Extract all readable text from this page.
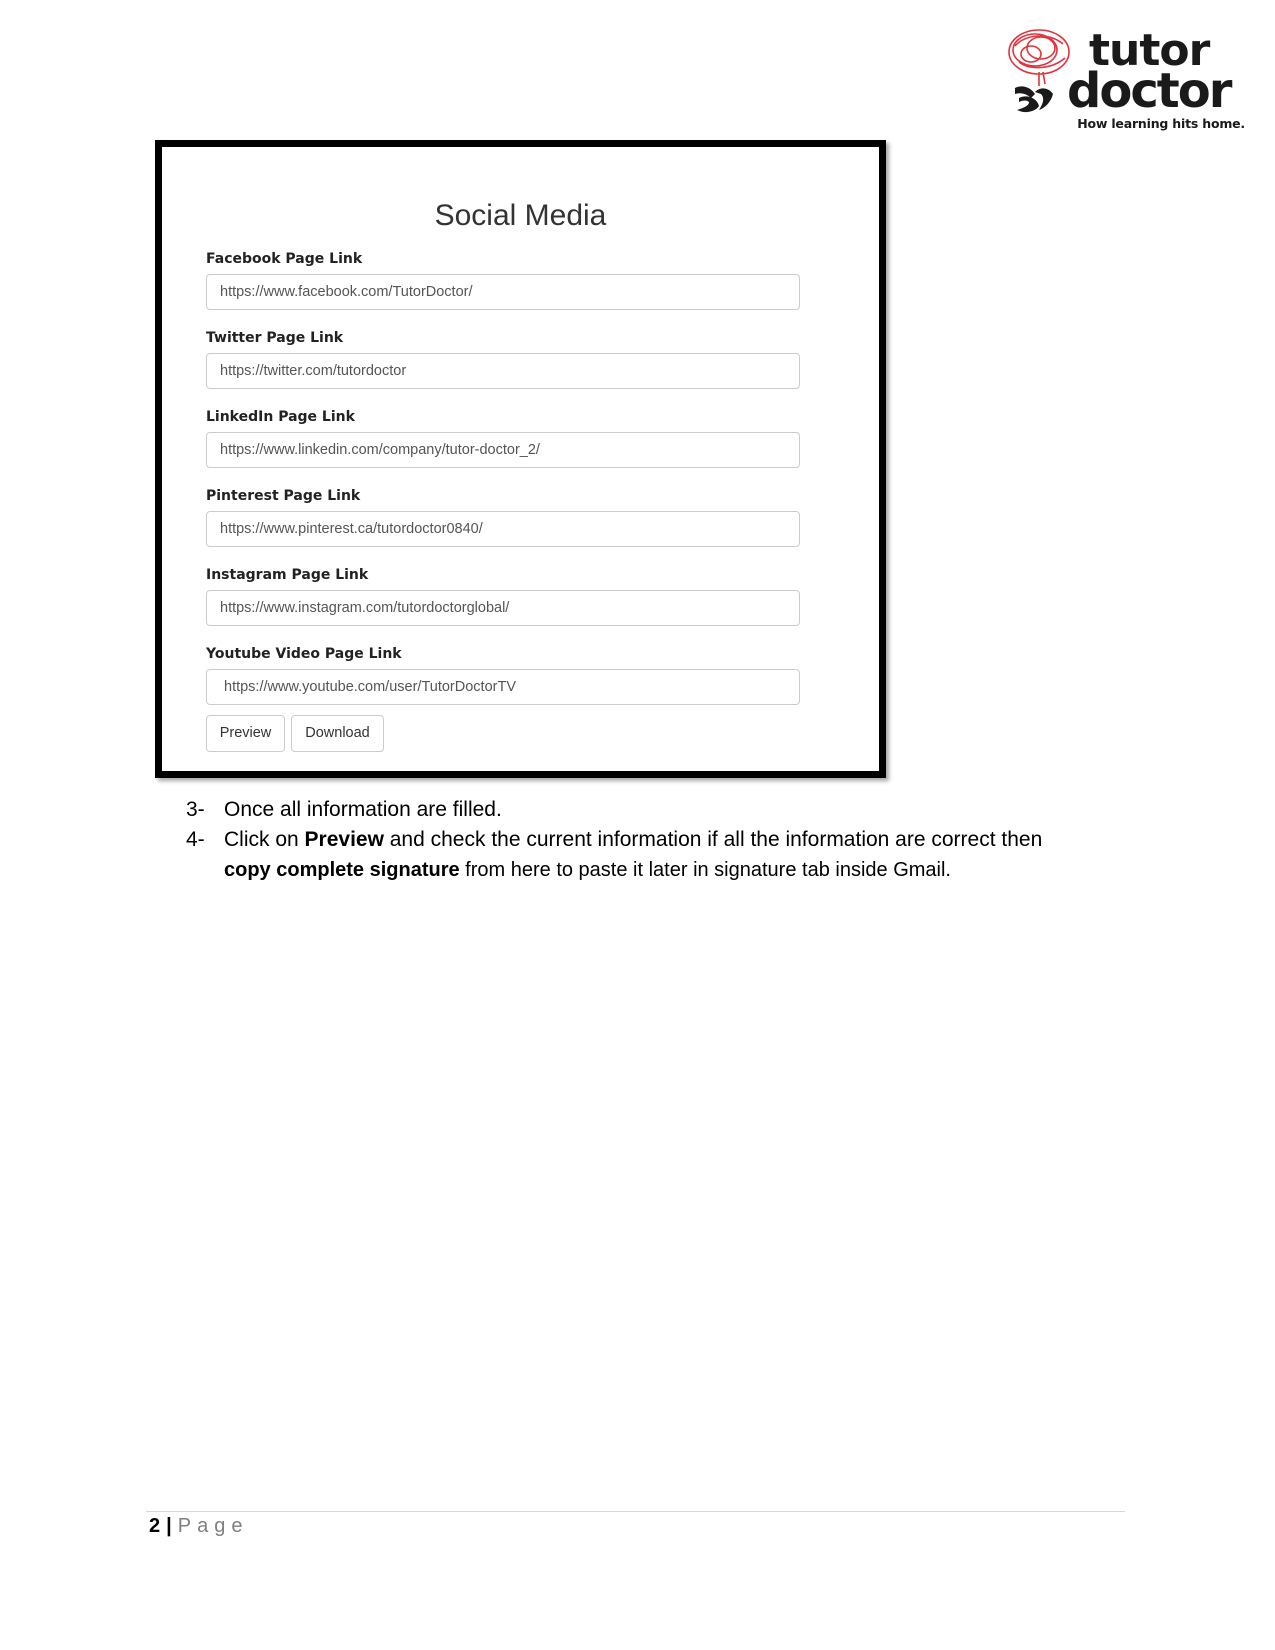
tutor
doctor
How learning hits home.
Social Media
Facebook Page Link
https://www.facebook.com/TutorDoctor/
Twitter Page Link
https://twitter.com/tutordoctor
LinkedIn Page Link
https://www.linkedin.com/company/tutor-doctor_2/
Pinterest Page Link
https://www.pinterest.ca/tutordoctor0840/
Instagram Page Link
https://www.instagram.com/tutordoctorglobal/
Youtube Video Page Link
https://www.youtube.com/user/TutorDoctorTV
Preview	Download
3- Once all information are filled.
4- Click on Preview and check the current information if all the information are correct then copy complete signature from here to paste it later in signature tab inside Gmail.
2 | Page
